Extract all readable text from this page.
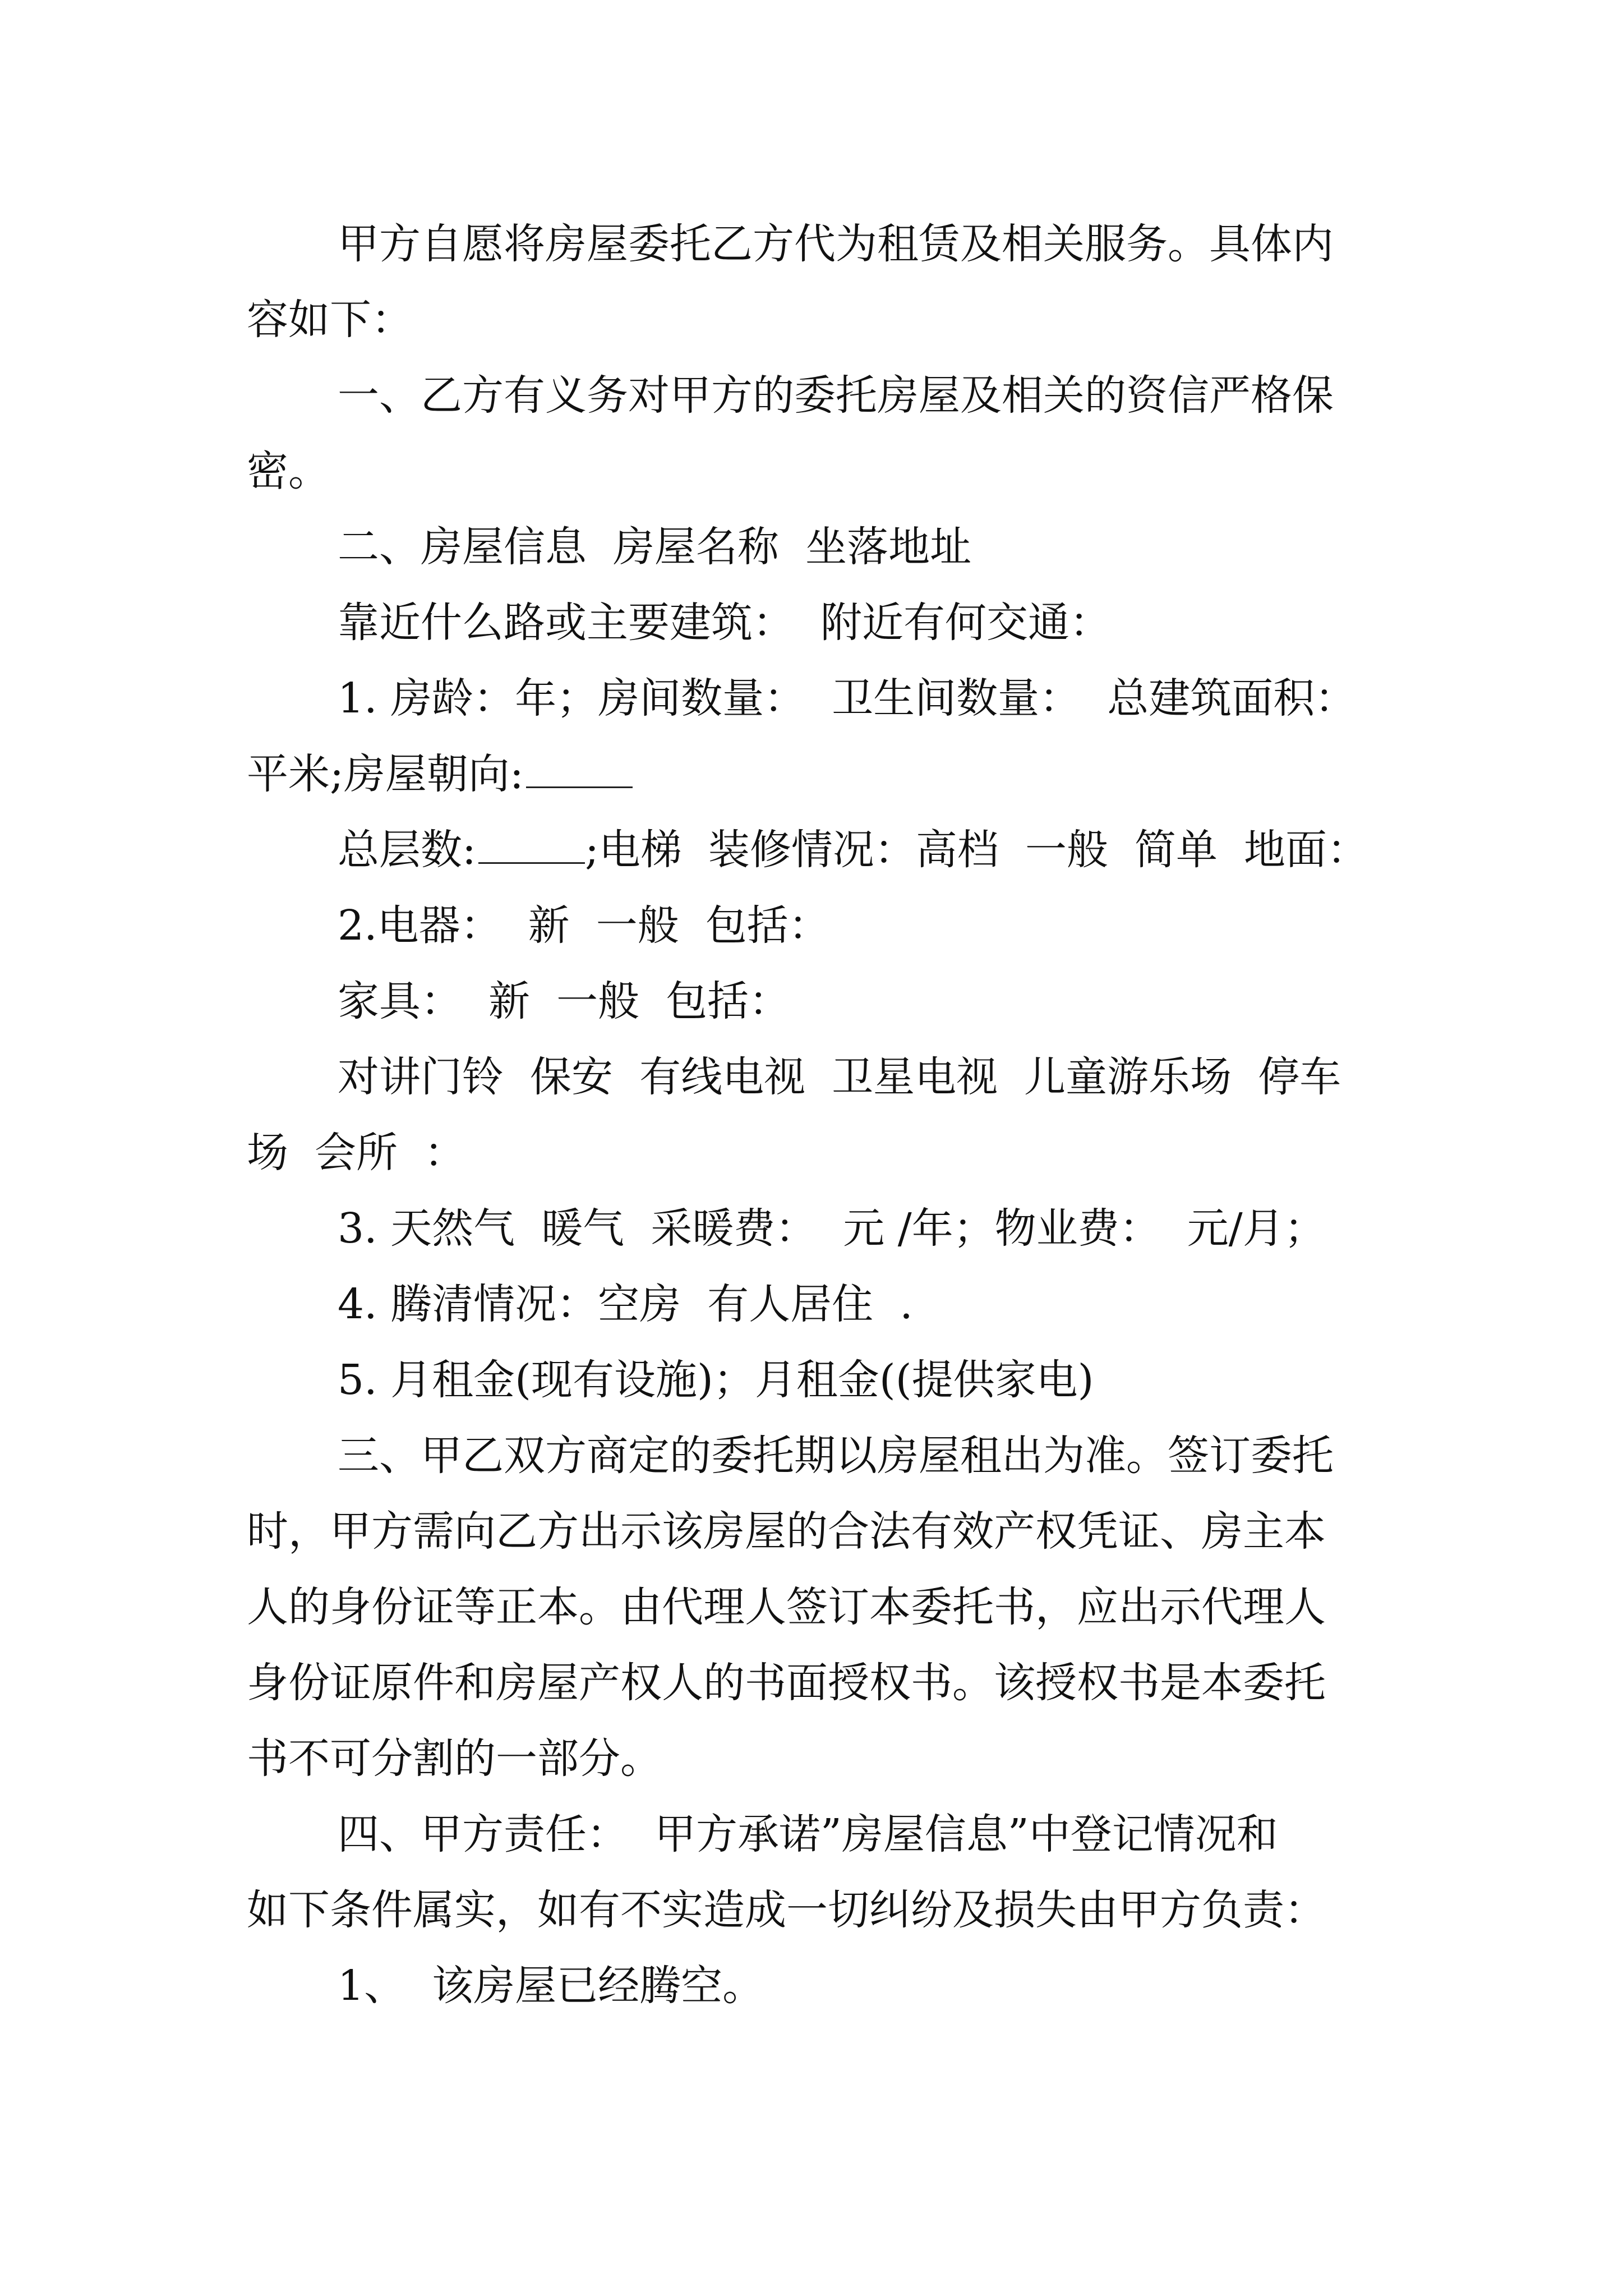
甲方自愿将房屋委托乙方代为租赁及相关服务。具体内
容如下：
一、乙方有义务对甲方的委托房屋及相关的资信严格保
密。
二、房屋信息  房屋名称  坐落地址
靠近什么路或主要建筑：  附近有何交通：
1. 房龄：年；房间数量：  卫生间数量：  总建筑面积：
平米;房屋朝向:
总层数:	;电梯  装修情况：高档  一般  简单  地面：
2.电器：  新  一般  包括：
家具：  新  一般  包括：
对讲门铃  保安  有线电视  卫星电视  儿童游乐场  停车
场  会所  ：
3. 天然气  暖气  采暖费：  元 /年；物业费：  元/月；
4. 腾清情况：空房  有人居住  .
5. 月租金(现有设施)；月租金((提供家电)
三、甲乙双方商定的委托期以房屋租出为准。签订委托
时，甲方需向乙方出示该房屋的合法有效产权凭证、房主本
人的身份证等正本。由代理人签订本委托书，应出示代理人
身份证原件和房屋产权人的书面授权书。该授权书是本委托
书不可分割的一部分。
四、甲方责任：  甲方承诺”房屋信息”中登记情况和
如下条件属实，如有不实造成一切纠纷及损失由甲方负责：
1、  该房屋已经腾空。
